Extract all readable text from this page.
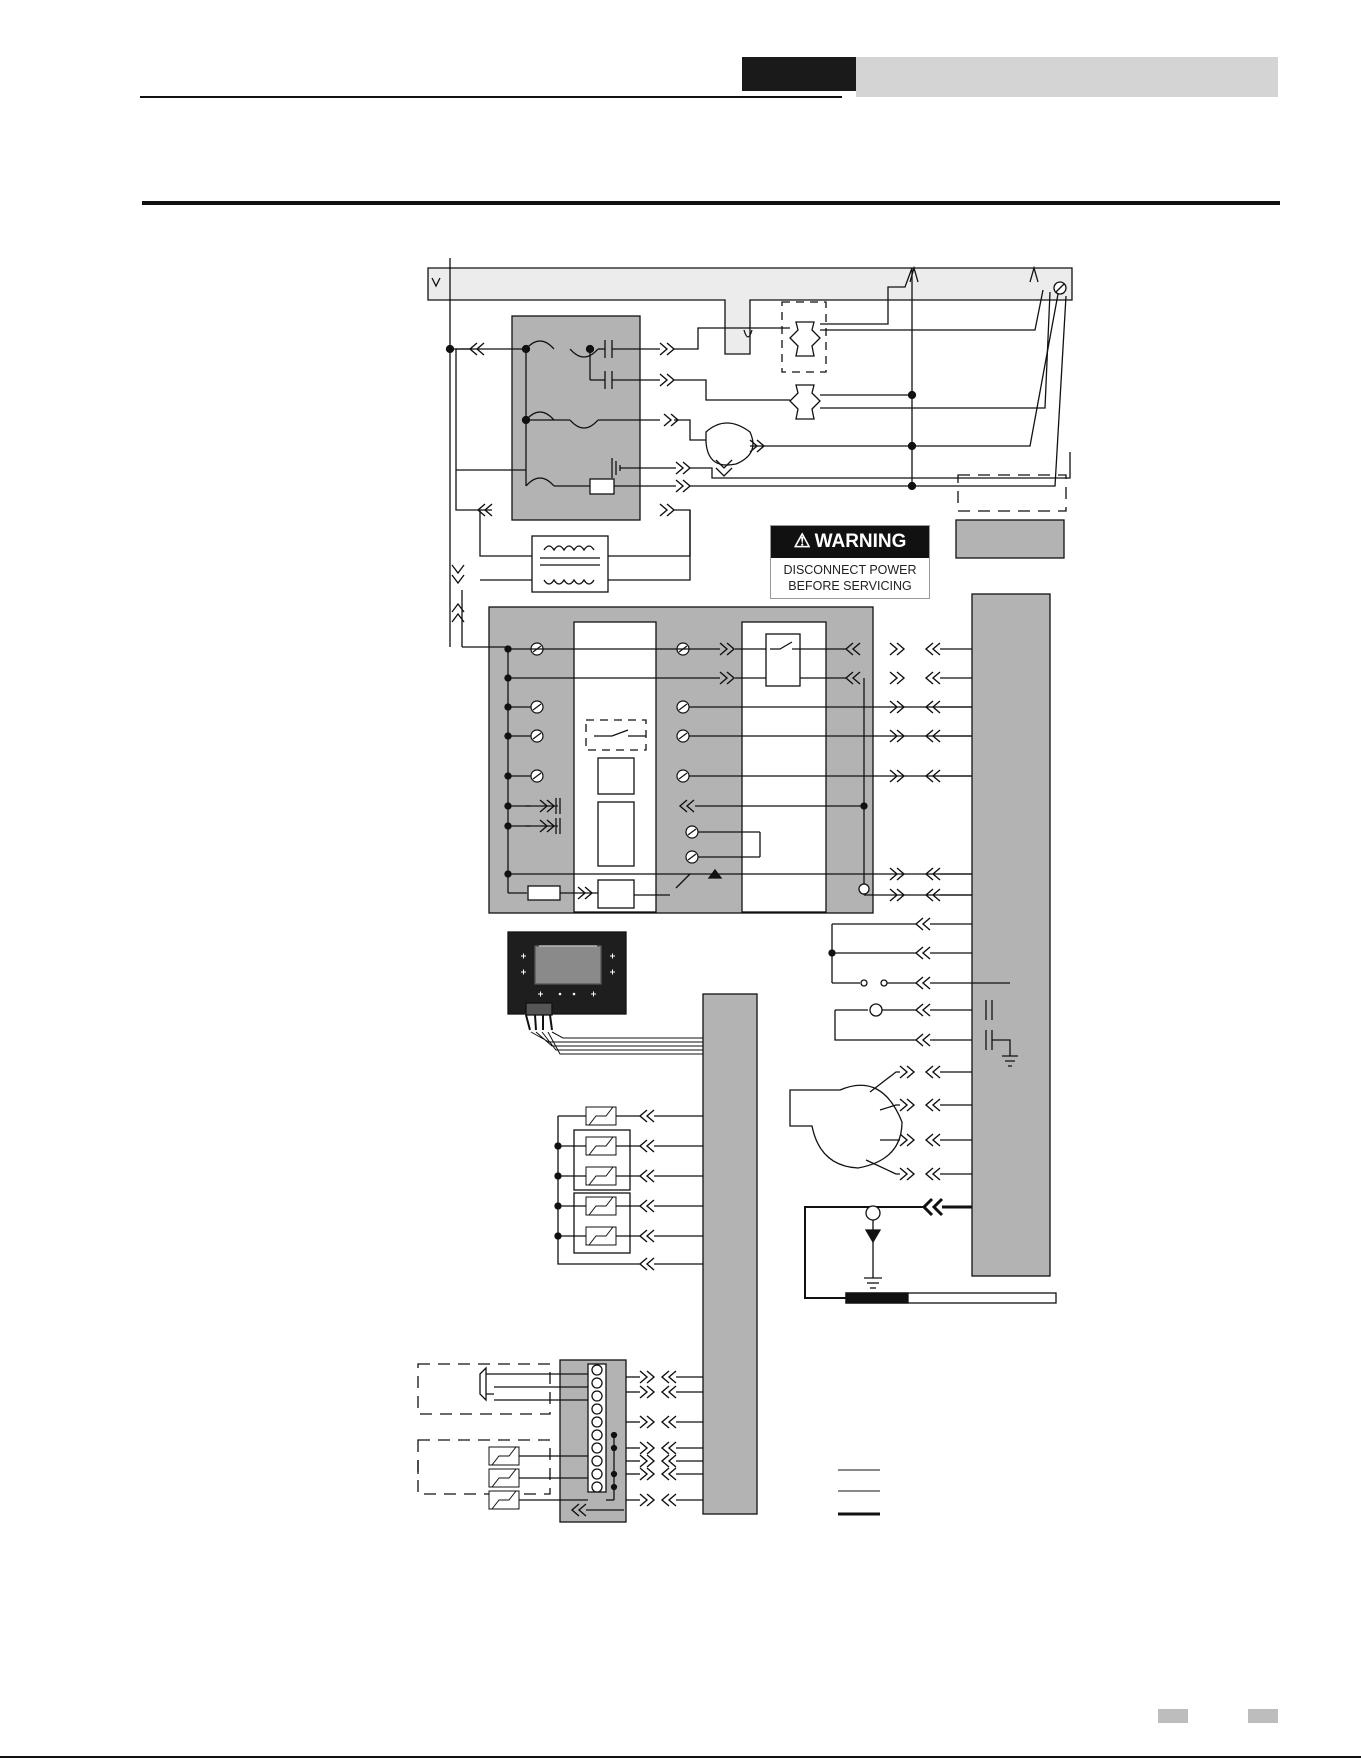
⚠ WARNING
DISCONNECT POWER
BEFORE SERVICING
